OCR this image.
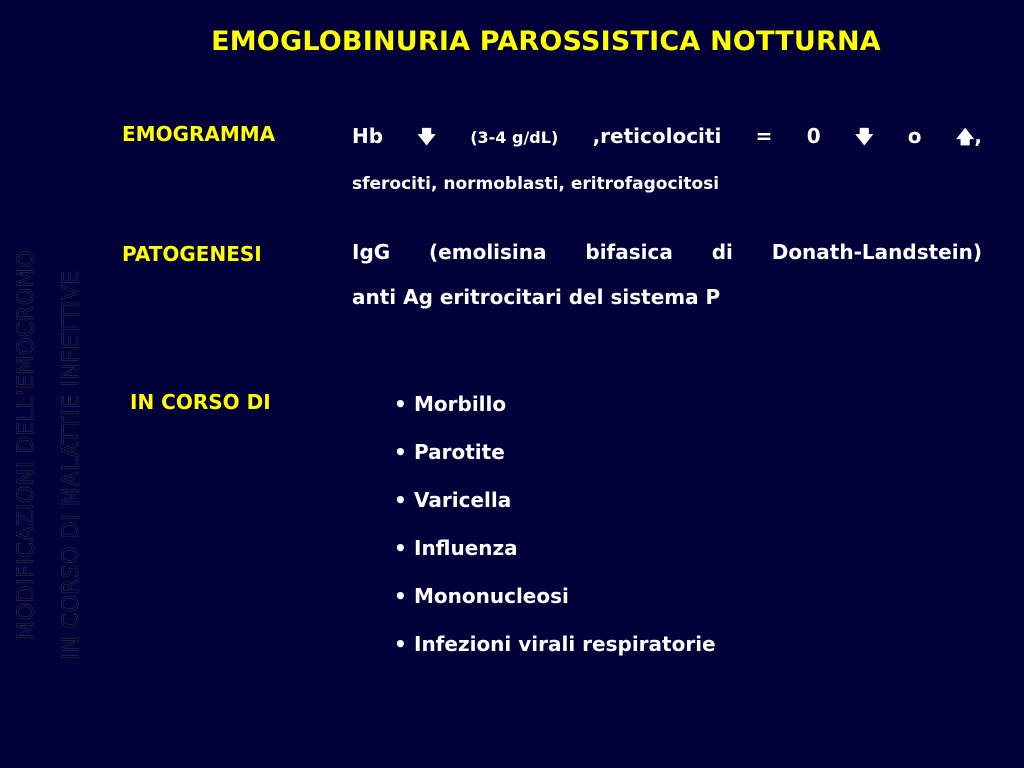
EMOGLOBINURIA PAROSSISTICA NOTTURNA
MODIFICAZIONI DELL'EMOCROMO IN CORSO DI MALATTIE INFETTIVE
EMOGRAMMA	Hb 🡇 (3-4 g/dL) ,reticolociti = 0 🡇 o 🡅,
sferociti, normoblasti, eritrofagocitosi
PATOGENESI	IgG (emolisina bifasica di Donath-Landstein)
anti Ag eritrocitari del sistema P
IN CORSO DI	• Morbillo
• Parotite
• Varicella
• Influenza
• Mononucleosi
• Infezioni virali respiratorie
